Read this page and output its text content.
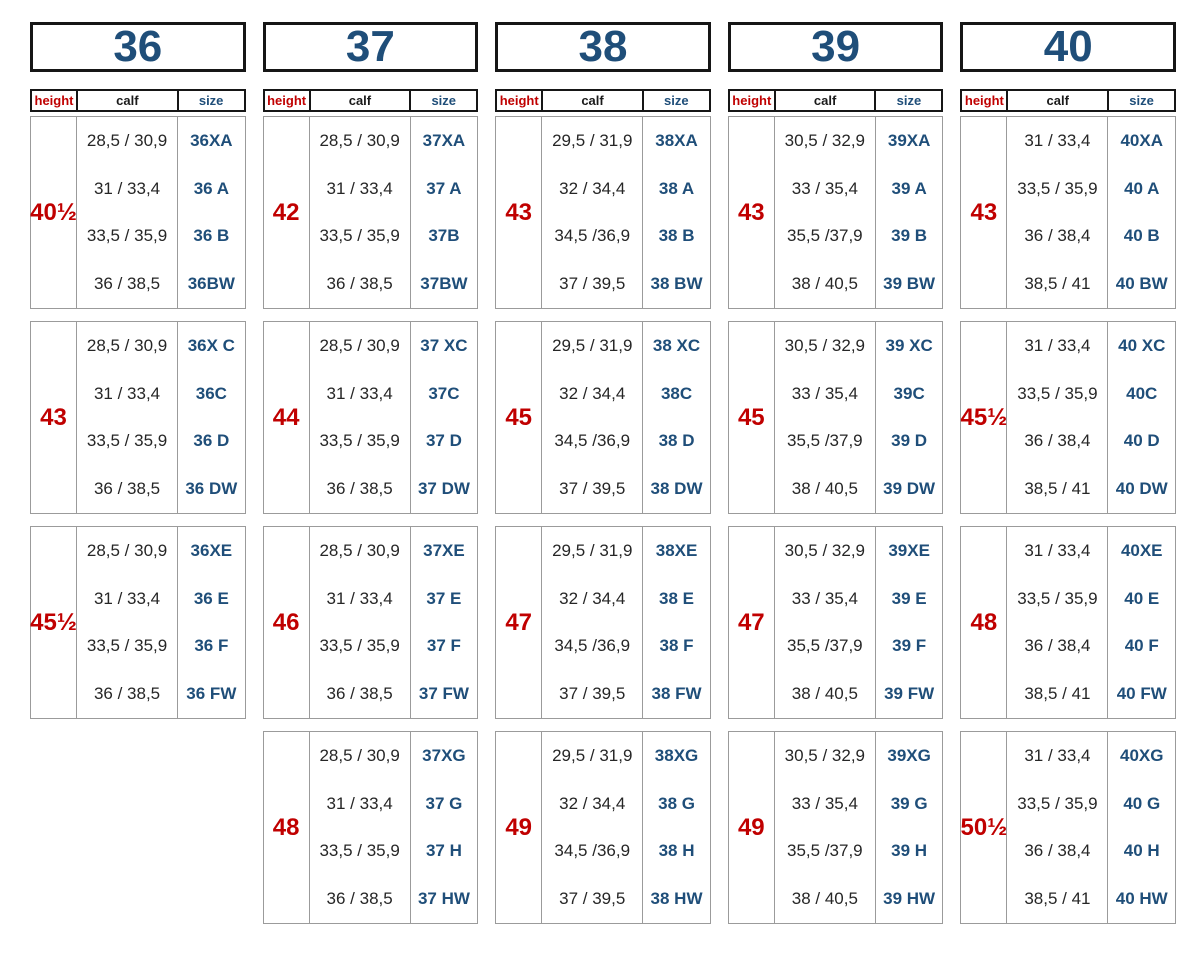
36
height	calf	size
40½
28,5 / 30,9	36XA
31 / 33,4	36 A
33,5 / 35,9	36 B
36 / 38,5	36BW
43
28,5 / 30,9	36X C
31 / 33,4	36C
33,5 / 35,9	36 D
36 / 38,5	36 DW
45½
28,5 / 30,9	36XE
31 / 33,4	36 E
33,5 / 35,9	36 F
36 / 38,5	36 FW
37
height	calf	size
42
28,5 / 30,9	37XA
31 / 33,4	37 A
33,5 / 35,9	37B
36 / 38,5	37BW
44
28,5 / 30,9	37 XC
31 / 33,4	37C
33,5 / 35,9	37 D
36 / 38,5	37 DW
46
28,5 / 30,9	37XE
31 / 33,4	37 E
33,5 / 35,9	37 F
36 / 38,5	37 FW
48
28,5 / 30,9	37XG
31 / 33,4	37 G
33,5 / 35,9	37 H
36 / 38,5	37 HW
38
height	calf	size
43
29,5 / 31,9	38XA
32 / 34,4	38 A
34,5 /36,9	38 B
37 / 39,5	38 BW
45
29,5 / 31,9	38 XC
32 / 34,4	38C
34,5 /36,9	38 D
37 / 39,5	38 DW
47
29,5 / 31,9	38XE
32 / 34,4	38 E
34,5 /36,9	38 F
37 / 39,5	38 FW
49
29,5 / 31,9	38XG
32 / 34,4	38 G
34,5 /36,9	38 H
37 / 39,5	38 HW
39
height	calf	size
43
30,5 / 32,9	39XA
33 / 35,4	39 A
35,5 /37,9	39 B
38 / 40,5	39 BW
45
30,5 / 32,9	39 XC
33 / 35,4	39C
35,5 /37,9	39 D
38 / 40,5	39 DW
47
30,5 / 32,9	39XE
33 / 35,4	39 E
35,5 /37,9	39 F
38 / 40,5	39 FW
49
30,5 / 32,9	39XG
33 / 35,4	39 G
35,5 /37,9	39 H
38 / 40,5	39 HW
40
height	calf	size
43
31 / 33,4	40XA
33,5 / 35,9	40 A
36 / 38,4	40 B
38,5 / 41	40 BW
45½
31 / 33,4	40 XC
33,5 / 35,9	40C
36 / 38,4	40 D
38,5 / 41	40 DW
48
31 / 33,4	40XE
33,5 / 35,9	40 E
36 / 38,4	40 F
38,5 / 41	40 FW
50½
31 / 33,4	40XG
33,5 / 35,9	40 G
36 / 38,4	40 H
38,5 / 41	40 HW
